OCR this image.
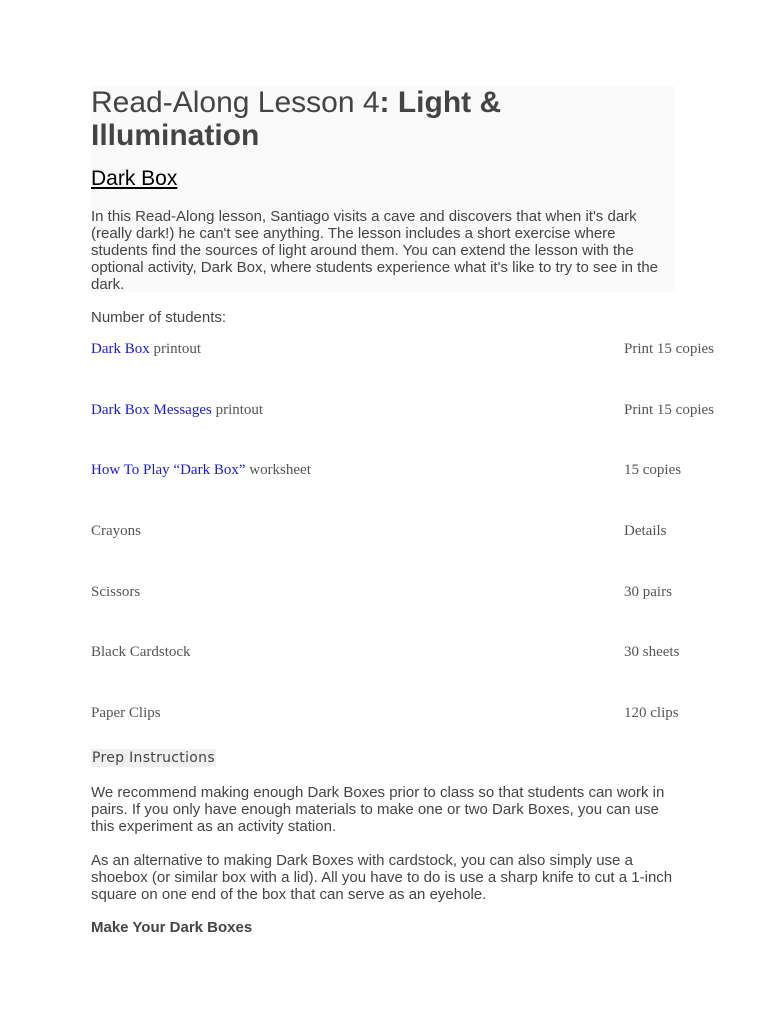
Read-Along Lesson 4: Light & Illumination
Dark Box

In this Read-Along lesson, Santiago visits a cave and discovers that when it's dark (really dark!) he can't see anything. The lesson includes a short exercise where students find the sources of light around them. You can extend the lesson with the optional activity, Dark Box, where students experience what it's like to try to see in the dark.

Number of students:

Dark Box printout	Print 15 copies
Dark Box Messages printout	Print 15 copies
How To Play “Dark Box” worksheet	15 copies
Crayons	Details
Scissors	30 pairs
Black Cardstock	30 sheets
Paper Clips	120 clips
Prep Instructions

We recommend making enough Dark Boxes prior to class so that students can work in pairs. If you only have enough materials to make one or two Dark Boxes, you can use this experiment as an activity station.

As an alternative to making Dark Boxes with cardstock, you can also simply use a shoebox (or similar box with a lid). All you have to do is use a sharp knife to cut a 1-inch square on one end of the box that can serve as an eyehole.

Make Your Dark Boxes
